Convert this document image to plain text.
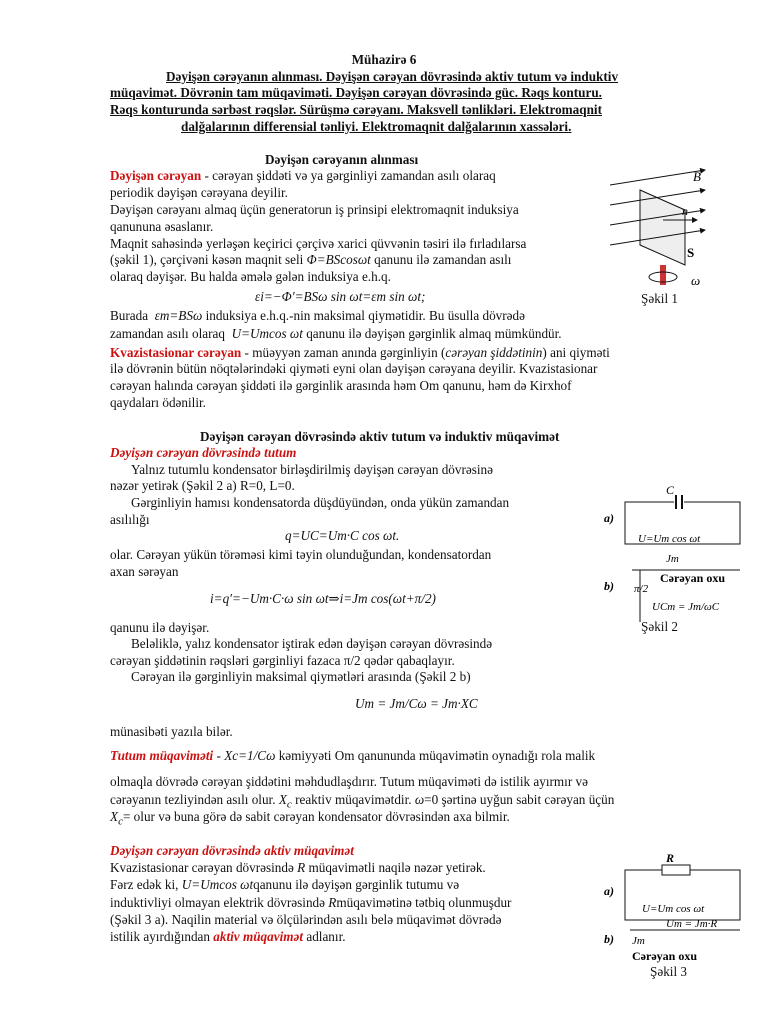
Mühazirə 6
Dəyişən cərəyanın alınması. Dəyişən cərəyan dövrəsində aktiv tutum və induktiv
müqavimət. Dövrənin tam müqaviməti. Dəyişən cərəyan dövrəsində güc. Rəqs konturu.
Rəqs konturunda sərbəst rəqslər. Sürüşmə cərəyanı. Maksvell tənlikləri. Elektromaqnit
dalğalarının differensial tənliyi. Elektromaqnit dalğalarının xassələri.
Dəyişən cərəyanın alınması
Dəyişən cərəyan - cərəyan şiddəti və ya gərginliyi zamandan asılı olaraq
periodik dəyişən cərəyana deyilir.
Dəyişən cərəyanı almaq üçün generatorun iş prinsipi elektromaqnit induksiya
qanununa əsaslanır.
Maqnit sahəsində yerləşən keçirici çərçivə xarici qüvvənin təsiri ilə fırladılarsa
(şəkil 1), çərçivəni kəsən maqnit seli Φ=BScosωt qanunu ilə zamandan asılı
olaraq dəyişər. Bu halda əmələ gələn induksiya e.h.q.
εi=−Φ′=BSω sin ωt=εm sin ωt;
Burada εm=BSω induksiya e.h.q.-nin maksimal qiymətidir. Bu üsulla dövrədə
zamandan asılı olaraq U=Umcos ωt qanunu ilə dəyişən gərginlik almaq mümkündür.
Kvazistasionar cərəyan - müəyyən zaman anında gərginliyin (cərəyan şiddətinin) ani qiyməti
ilə dövrənin bütün nöqtələrindəki qiyməti eyni olan dəyişən cərəyana deyilir. Kvazistasionar
cərəyan halında cərəyan şiddəti ilə gərginlik arasında həm Om qanunu, həm də Kirxhof
qaydaları ödənilir.
B
n
S
ω
Şəkil 1
Dəyişən cərəyan dövrəsində aktiv tutum və induktiv müqavimət
Dəyişən cərəyan dövrəsində tutum
Yalnız tutumlu kondensator birləşdirilmiş dəyişən cərəyan dövrəsinə
nəzər yetirək (Şəkil 2 a) R=0, L=0.
Gərginliyin hamısı kondensatorda düşdüyündən, onda yükün zamandan
asılılığı
q=UC=Um·C cos ωt.
olar. Cərəyan yükün törəməsi kimi təyin olunduğundan, kondensatordan
axan sərəyan
i=q′=−Um·C·ω sin ωt⇒i=Jm cos(ωt+π/2)
qanunu ilə dəyişər.
Beləliklə, yalız kondensator iştirak edən dəyişən cərəyan dövrəsində
cərəyan şiddətinin rəqsləri gərginliyi fazaca π/2 qədər qabaqlayır.
Cərəyan ilə gərginliyin maksimal qiymətləri arasında (Şəkil 2 b)
Um = Jm/Cω = Jm·XC
münasibəti yazıla bilər.
Tutum müqaviməti - Xc=1/Cω kəmiyyəti Om qanununda müqavimətin oynadığı rola malik
olmaqla dövrədə cərəyan şiddətini məhdudlaşdırır. Tutum müqaviməti də istilik ayırmır və
cərəyanın tezliyindən asılı olur. $X_c$ reaktiv müqavimətdir. ω=0 şərtinə uyğun sabit cərəyan üçün
$X_c=$ olur və buna görə də sabit cərəyan kondensator dövrəsindən axa bilmir.
C
a)
U=Um cos ωt
Jm
b)
Cərəyan oxu
π/2
UCm = Jm/ωC
Şəkil 2
Dəyişən cərəyan dövrəsində aktiv müqavimət
Kvazistasionar cərəyan dövrəsində R müqavimətli naqilə nəzər yetirək.
Fərz edək ki, U=Umcos ωtqanunu ilə dəyişən gərginlik tutumu və
induktivliyi olmayan elektrik dövrəsində Rmüqavimətinə tətbiq olunmuşdur
(Şəkil 3 a). Naqilin material və ölçülərindən asılı belə müqavimət dövrədə
istilik ayırdığından aktiv müqavimət adlanır.
R
a)
U=Um cos ωt
Um = Jm·R
b) Jm
Cərəyan oxu
Şəkil 3
